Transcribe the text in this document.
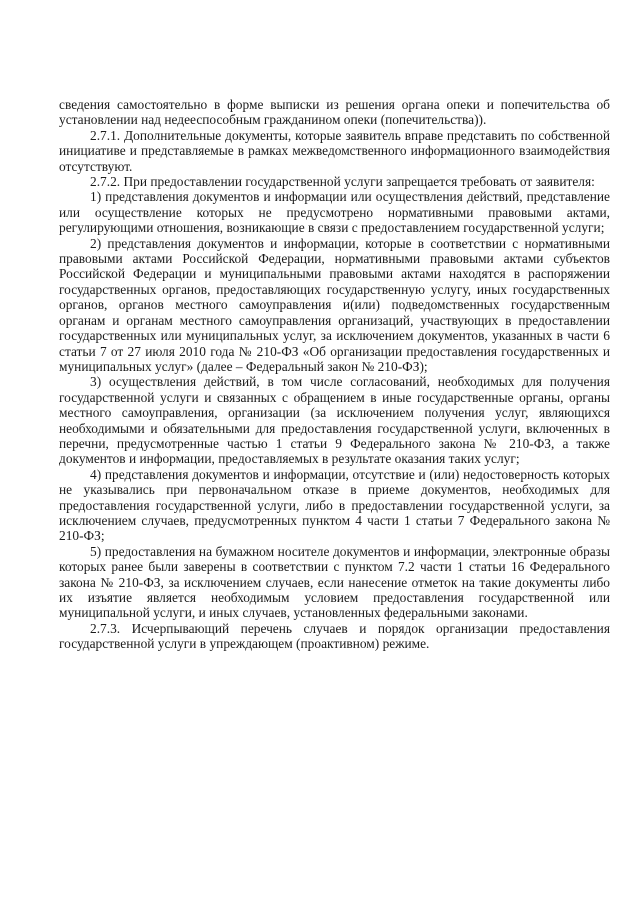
сведения самостоятельно в форме выписки из решения органа опеки и попечительства об установлении над недееспособным гражданином опеки (попечительства)).

2.7.1. Дополнительные документы, которые заявитель вправе представить по собственной инициативе и представляемые в рамках межведомственного информационного взаимодействия отсутствуют.

2.7.2. При предоставлении государственной услуги запрещается требовать от заявителя:

1) представления документов и информации или осуществления действий, представление или осуществление которых не предусмотрено нормативными правовыми актами, регулирующими отношения, возникающие в связи с предоставлением государственной услуги;

2) представления документов и информации, которые в соответствии с нормативными правовыми актами Российской Федерации, нормативными правовыми актами субъектов Российской Федерации и муниципальными правовыми актами находятся в распоряжении государственных органов, предоставляющих государственную услугу, иных государственных органов, органов местного самоуправления и(или) подведомственных государственным органам и органам местного самоуправления организаций, участвующих в предоставлении государственных или муниципальных услуг, за исключением документов, указанных в части 6 статьи 7 от 27 июля 2010 года № 210-ФЗ «Об организации предоставления государственных и муниципальных услуг» (далее – Федеральный закон № 210-ФЗ);

3) осуществления действий, в том числе согласований, необходимых для получения государственной услуги и связанных с обращением в иные государственные органы, органы местного самоуправления, организации (за исключением получения услуг, являющихся необходимыми и обязательными для предоставления государственной услуги, включенных в перечни, предусмотренные частью 1 статьи 9 Федерального закона № 210-ФЗ, а также документов и информации, предоставляемых в результате оказания таких услуг;

4) представления документов и информации, отсутствие и (или) недостоверность которых не указывались при первоначальном отказе в приеме документов, необходимых для предоставления государственной услуги, либо в предоставлении государственной услуги, за исключением случаев, предусмотренных пунктом 4 части 1 статьи 7 Федерального закона № 210-ФЗ;

5) предоставления на бумажном носителе документов и информации, электронные образы которых ранее были заверены в соответствии с пунктом 7.2 части 1 статьи 16 Федерального закона № 210-ФЗ, за исключением случаев, если нанесение отметок на такие документы либо их изъятие является необходимым условием предоставления государственной или муниципальной услуги, и иных случаев, установленных федеральными законами.

2.7.3. Исчерпывающий перечень случаев и порядок организации предоставления государственной услуги в упреждающем (проактивном) режиме.
